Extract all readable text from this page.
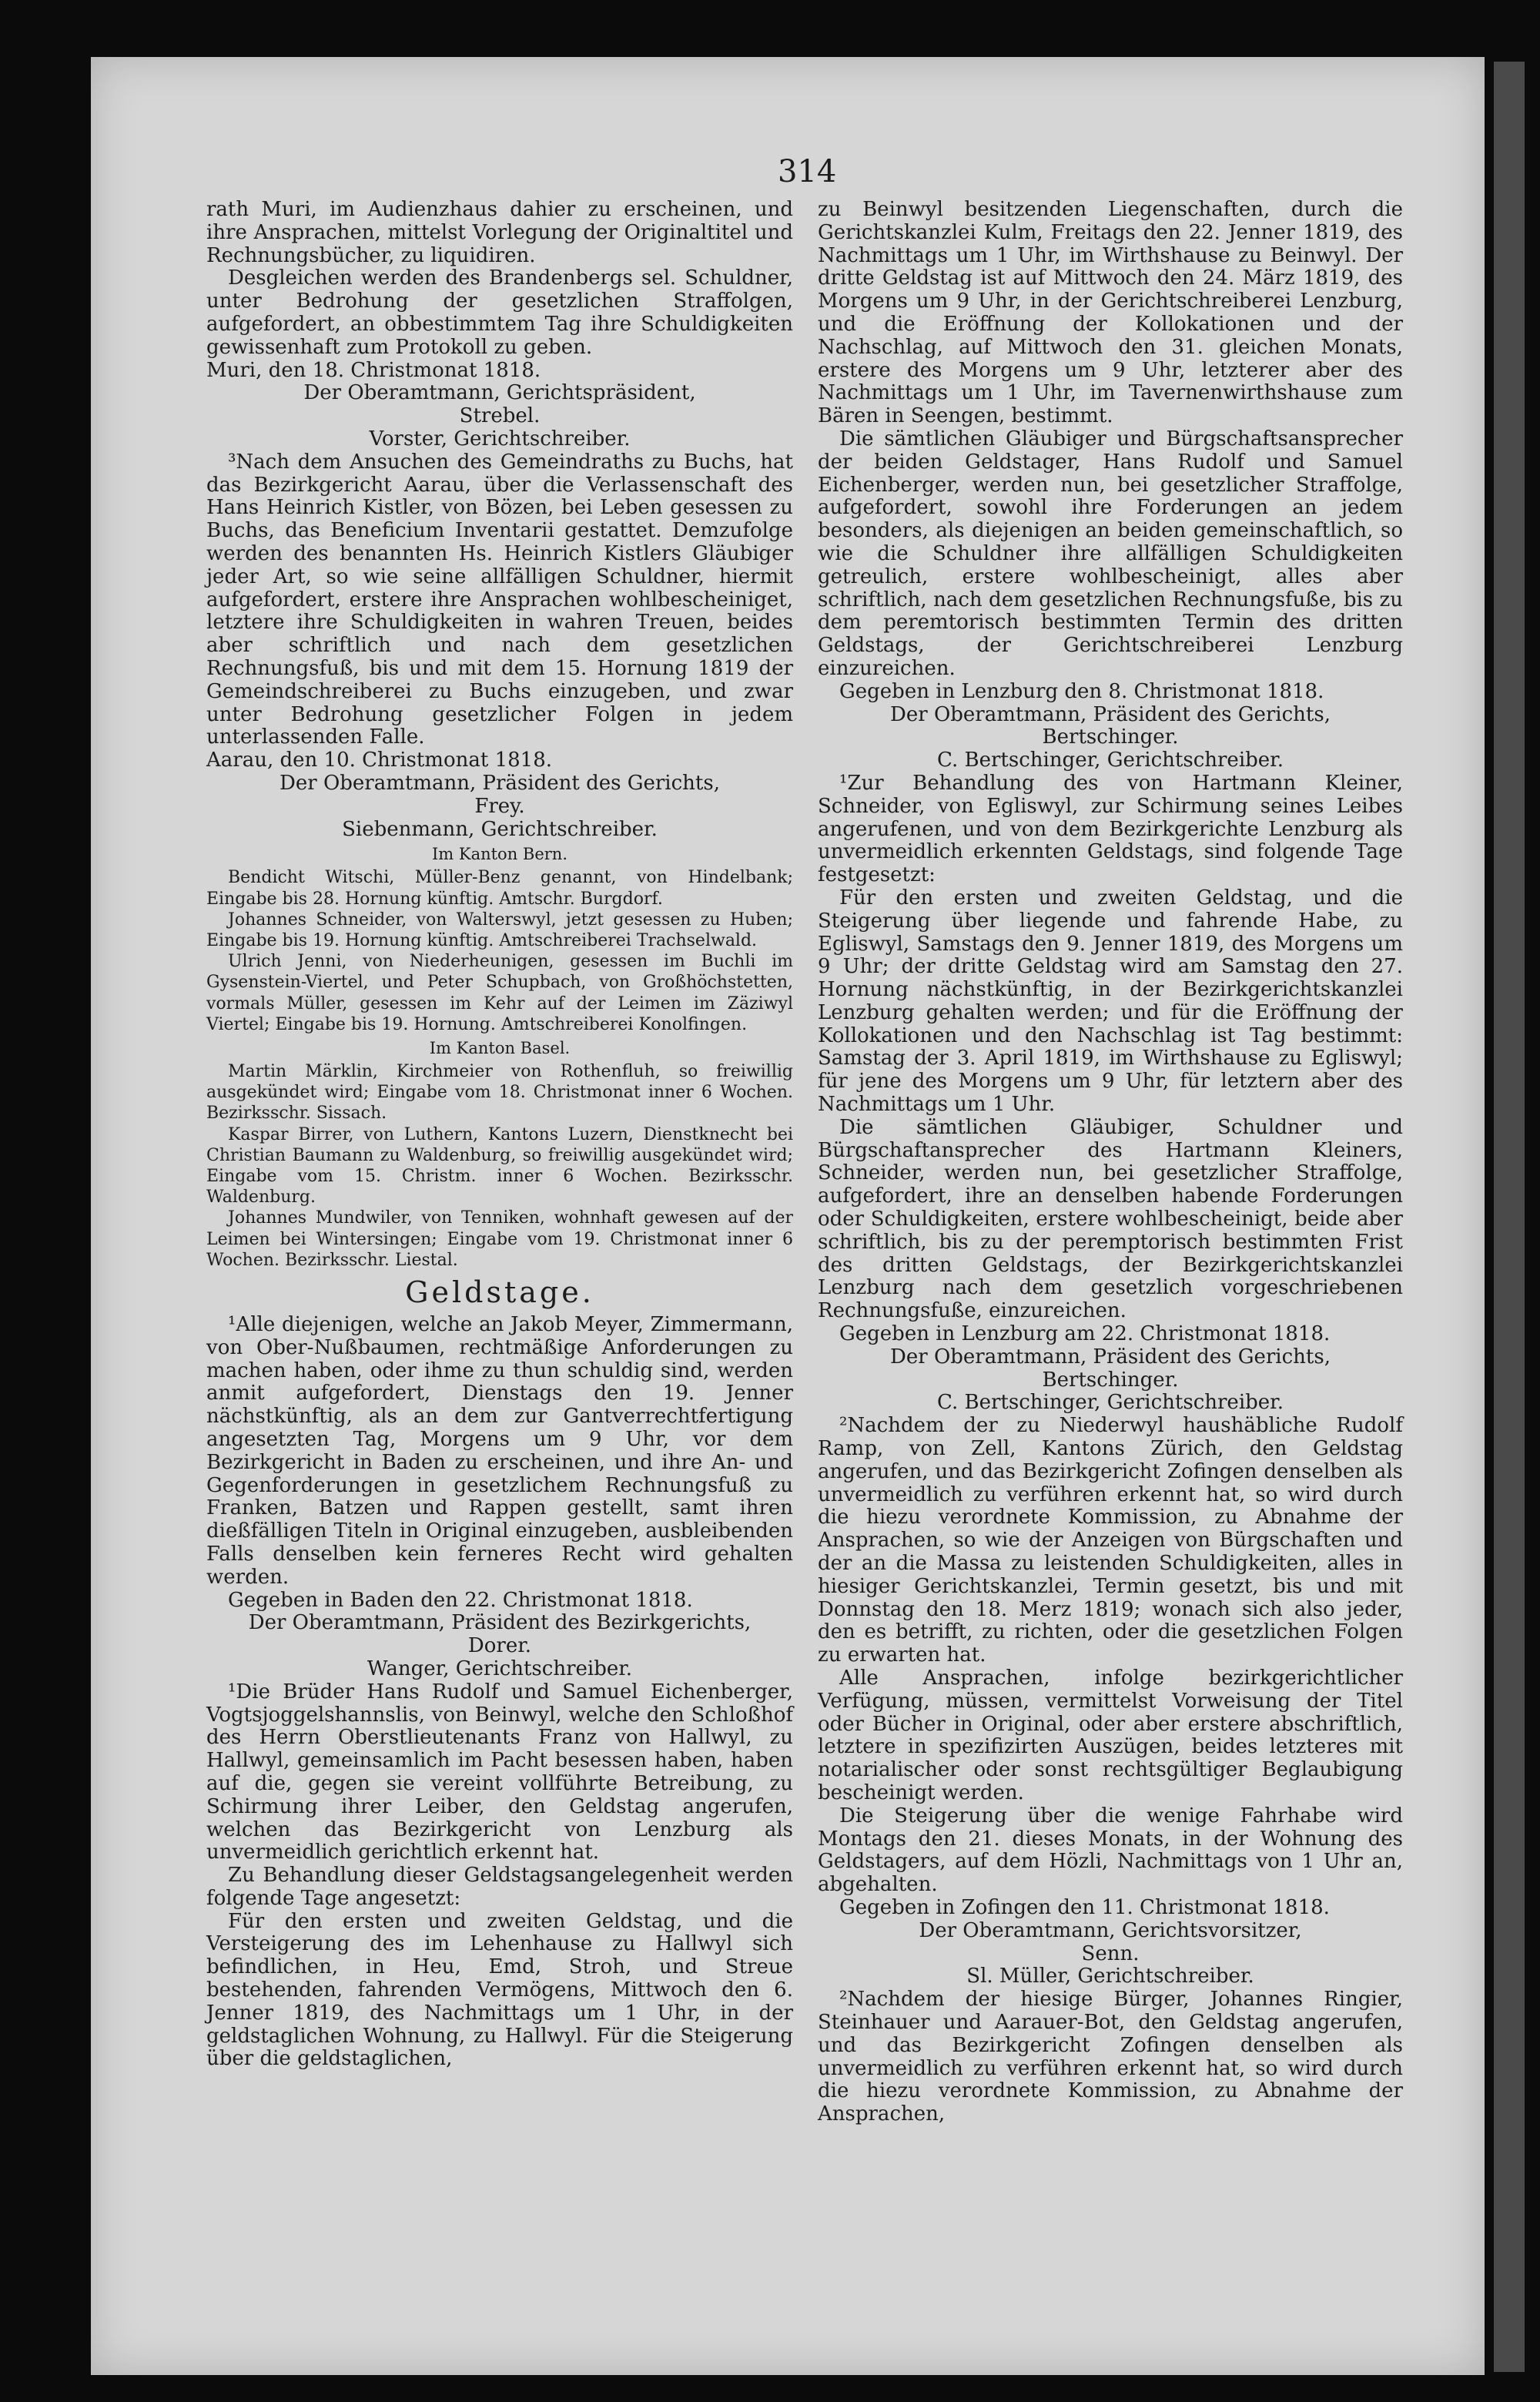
314

rath Muri, im Audienzhaus dahier zu erscheinen, und ihre Ansprachen, mittelst Vorlegung der Originaltitel und Rechnungsbücher, zu liquidiren.

Desgleichen werden des Brandenbergs sel. Schuldner, unter Bedrohung der gesetzlichen Straffolgen, aufgefordert, an obbestimmtem Tag ihre Schuldigkeiten gewissenhaft zum Protokoll zu geben.

Muri, den 18. Christmonat 1818.

Der Oberamtmann, Gerichtspräsident,

Strebel.

Vorster, Gerichtschreiber.

³Nach dem Ansuchen des Gemeindraths zu Buchs, hat das Bezirkgericht Aarau, über die Verlassenschaft des Hans Heinrich Kistler, von Bözen, bei Leben gesessen zu Buchs, das Beneficium Inventarii gestattet. Demzufolge werden des benannten Hs. Heinrich Kistlers Gläubiger jeder Art, so wie seine allfälligen Schuldner, hiermit aufgefordert, erstere ihre Ansprachen wohlbescheiniget, letztere ihre Schuldigkeiten in wahren Treuen, beides aber schriftlich und nach dem gesetzlichen Rechnungsfuß, bis und mit dem 15. Hornung 1819 der Gemeindschreiberei zu Buchs einzugeben, und zwar unter Bedrohung gesetzlicher Folgen in jedem unterlassenden Falle.

Aarau, den 10. Christmonat 1818.

Der Oberamtmann, Präsident des Gerichts,

Frey.

Siebenmann, Gerichtschreiber.

Im Kanton Bern.

Bendicht Witschi, Müller-Benz genannt, von Hindelbank; Eingabe bis 28. Hornung künftig. Amtschr. Burgdorf.

Johannes Schneider, von Walterswyl, jetzt gesessen zu Huben; Eingabe bis 19. Hornung künftig. Amtschreiberei Trachselwald.

Ulrich Jenni, von Niederheunigen, gesessen im Buchli im Gysenstein-Viertel, und Peter Schupbach, von Großhöchstetten, vormals Müller, gesessen im Kehr auf der Leimen im Zäziwyl Viertel; Eingabe bis 19. Hornung. Amtschreiberei Konolfingen.

Im Kanton Basel.

Martin Märklin, Kirchmeier von Rothenfluh, so freiwillig ausgekündet wird; Eingabe vom 18. Christmonat inner 6 Wochen. Bezirksschr. Sissach.

Kaspar Birrer, von Luthern, Kantons Luzern, Dienstknecht bei Christian Baumann zu Waldenburg, so freiwillig ausgekündet wird; Eingabe vom 15. Christm. inner 6 Wochen. Bezirksschr. Waldenburg.

Johannes Mundwiler, von Tenniken, wohnhaft gewesen auf der Leimen bei Wintersingen; Eingabe vom 19. Christmonat inner 6 Wochen. Bezirksschr. Liestal.

Geldstage.

¹Alle diejenigen, welche an Jakob Meyer, Zimmermann, von Ober-Nußbaumen, rechtmäßige Anforderungen zu machen haben, oder ihme zu thun schuldig sind, werden anmit aufgefordert, Dienstags den 19. Jenner nächstkünftig, als an dem zur Gantverrechtfertigung angesetzten Tag, Morgens um 9 Uhr, vor dem Bezirkgericht in Baden zu erscheinen, und ihre An- und Gegenforderungen in gesetzlichem Rechnungsfuß zu Franken, Batzen und Rappen gestellt, samt ihren dießfälligen Titeln in Original einzugeben, ausbleibenden Falls denselben kein ferneres Recht wird gehalten werden.

Gegeben in Baden den 22. Christmonat 1818.

Der Oberamtmann, Präsident des Bezirkgerichts,

Dorer.

Wanger, Gerichtschreiber.

¹Die Brüder Hans Rudolf und Samuel Eichenberger, Vogtsjoggelshannslis, von Beinwyl, welche den Schloßhof des Herrn Oberstlieutenants Franz von Hallwyl, zu Hallwyl, gemeinsamlich im Pacht besessen haben, haben auf die, gegen sie vereint vollführte Betreibung, zu Schirmung ihrer Leiber, den Geldstag angerufen, welchen das Bezirkgericht von Lenzburg als unvermeidlich gerichtlich erkennt hat.

Zu Behandlung dieser Geldstagsangelegenheit werden folgende Tage angesetzt:

Für den ersten und zweiten Geldstag, und die Versteigerung des im Lehenhause zu Hallwyl sich befindlichen, in Heu, Emd, Stroh, und Streue bestehenden, fahrenden Vermögens, Mittwoch den 6. Jenner 1819, des Nachmittags um 1 Uhr, in der geldstaglichen Wohnung, zu Hallwyl. Für die Steigerung über die geldstaglichen,

zu Beinwyl besitzenden Liegenschaften, durch die Gerichtskanzlei Kulm, Freitags den 22. Jenner 1819, des Nachmittags um 1 Uhr, im Wirthshause zu Beinwyl. Der dritte Geldstag ist auf Mittwoch den 24. März 1819, des Morgens um 9 Uhr, in der Gerichtschreiberei Lenzburg, und die Eröffnung der Kollokationen und der Nachschlag, auf Mittwoch den 31. gleichen Monats, erstere des Morgens um 9 Uhr, letzterer aber des Nachmittags um 1 Uhr, im Tavernenwirthshause zum Bären in Seengen, bestimmt.

Die sämtlichen Gläubiger und Bürgschaftsansprecher der beiden Geldstager, Hans Rudolf und Samuel Eichenberger, werden nun, bei gesetzlicher Straffolge, aufgefordert, sowohl ihre Forderungen an jedem besonders, als diejenigen an beiden gemeinschaftlich, so wie die Schuldner ihre allfälligen Schuldigkeiten getreulich, erstere wohlbescheinigt, alles aber schriftlich, nach dem gesetzlichen Rechnungsfuße, bis zu dem peremtorisch bestimmten Termin des dritten Geldstags, der Gerichtschreiberei Lenzburg einzureichen.

Gegeben in Lenzburg den 8. Christmonat 1818.

Der Oberamtmann, Präsident des Gerichts,

Bertschinger.

C. Bertschinger, Gerichtschreiber.

¹Zur Behandlung des von Hartmann Kleiner, Schneider, von Egliswyl, zur Schirmung seines Leibes angerufenen, und von dem Bezirkgerichte Lenzburg als unvermeidlich erkennten Geldstags, sind folgende Tage festgesetzt:

Für den ersten und zweiten Geldstag, und die Steigerung über liegende und fahrende Habe, zu Egliswyl, Samstags den 9. Jenner 1819, des Morgens um 9 Uhr; der dritte Geldstag wird am Samstag den 27. Hornung nächstkünftig, in der Bezirkgerichtskanzlei Lenzburg gehalten werden; und für die Eröffnung der Kollokationen und den Nachschlag ist Tag bestimmt: Samstag der 3. April 1819, im Wirthshause zu Egliswyl; für jene des Morgens um 9 Uhr, für letztern aber des Nachmittags um 1 Uhr.

Die sämtlichen Gläubiger, Schuldner und Bürgschaftansprecher des Hartmann Kleiners, Schneider, werden nun, bei gesetzlicher Straffolge, aufgefordert, ihre an denselben habende Forderungen oder Schuldigkeiten, erstere wohlbescheinigt, beide aber schriftlich, bis zu der peremptorisch bestimmten Frist des dritten Geldstags, der Bezirkgerichtskanzlei Lenzburg nach dem gesetzlich vorgeschriebenen Rechnungsfuße, einzureichen.

Gegeben in Lenzburg am 22. Christmonat 1818.

Der Oberamtmann, Präsident des Gerichts,

Bertschinger.

C. Bertschinger, Gerichtschreiber.

²Nachdem der zu Niederwyl haushäbliche Rudolf Ramp, von Zell, Kantons Zürich, den Geldstag angerufen, und das Bezirkgericht Zofingen denselben als unvermeidlich zu verführen erkennt hat, so wird durch die hiezu verordnete Kommission, zu Abnahme der Ansprachen, so wie der Anzeigen von Bürgschaften und der an die Massa zu leistenden Schuldigkeiten, alles in hiesiger Gerichtskanzlei, Termin gesetzt, bis und mit Donnstag den 18. Merz 1819; wonach sich also jeder, den es betrifft, zu richten, oder die gesetzlichen Folgen zu erwarten hat.

Alle Ansprachen, infolge bezirkgerichtlicher Verfügung, müssen, vermittelst Vorweisung der Titel oder Bücher in Original, oder aber erstere abschriftlich, letztere in spezifizirten Auszügen, beides letzteres mit notarialischer oder sonst rechtsgültiger Beglaubigung bescheinigt werden.

Die Steigerung über die wenige Fahrhabe wird Montags den 21. dieses Monats, in der Wohnung des Geldstagers, auf dem Hözli, Nachmittags von 1 Uhr an, abgehalten.

Gegeben in Zofingen den 11. Christmonat 1818.

Der Oberamtmann, Gerichtsvorsitzer,

Senn.

Sl. Müller, Gerichtschreiber.

²Nachdem der hiesige Bürger, Johannes Ringier, Steinhauer und Aarauer-Bot, den Geldstag angerufen, und das Bezirkgericht Zofingen denselben als unvermeidlich zu verführen erkennt hat, so wird durch die hiezu verordnete Kommission, zu Abnahme der Ansprachen,
